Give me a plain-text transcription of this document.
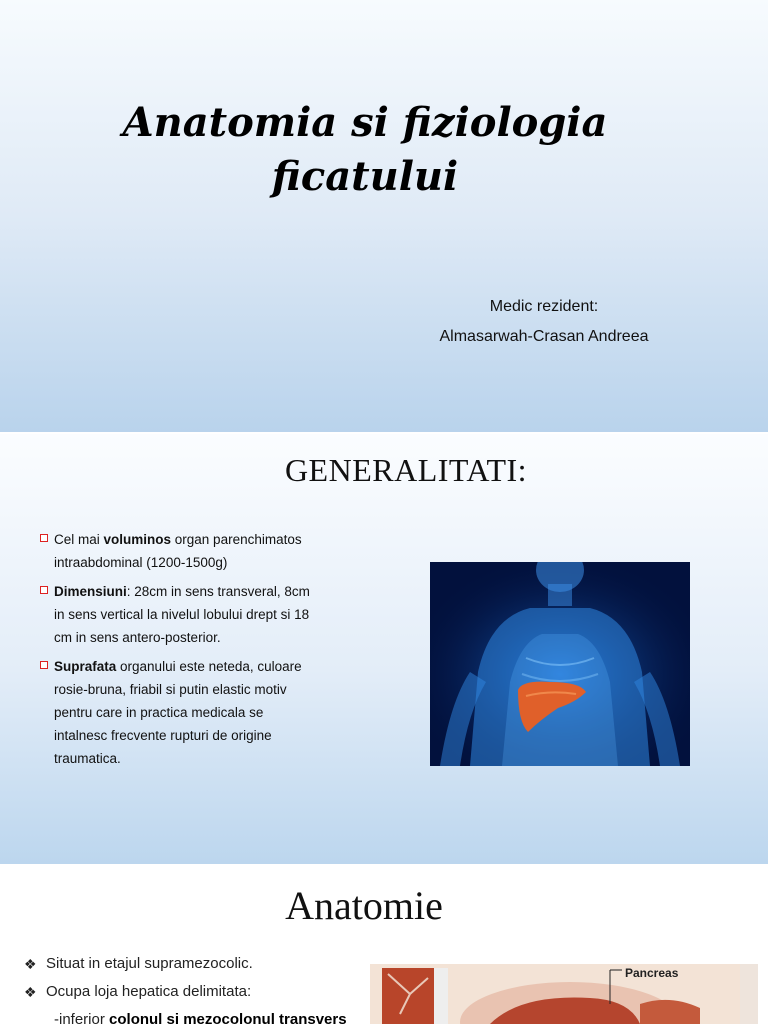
Anatomia si fiziologia
ficatului
Medic rezident:
Almasarwah-Crasan Andreea
GENERALITATI:
Cel mai voluminos organ parenchimatos intraabdominal (1200-1500g)
Dimensiuni: 28cm in sens transveral, 8cm in sens vertical la nivelul lobului drept si 18 cm in sens antero-posterior.
Suprafata organului este neteda, culoare rosie-bruna, friabil si putin elastic motiv pentru care in practica medicala se intalnesc frecvente rupturi de origine traumatica.
Anatomie
❖ Situat in etajul supramezocolic.
❖ Ocupa loja hepatica delimitata:
-inferior colonul si mezocolonul transvers
Pancreas
